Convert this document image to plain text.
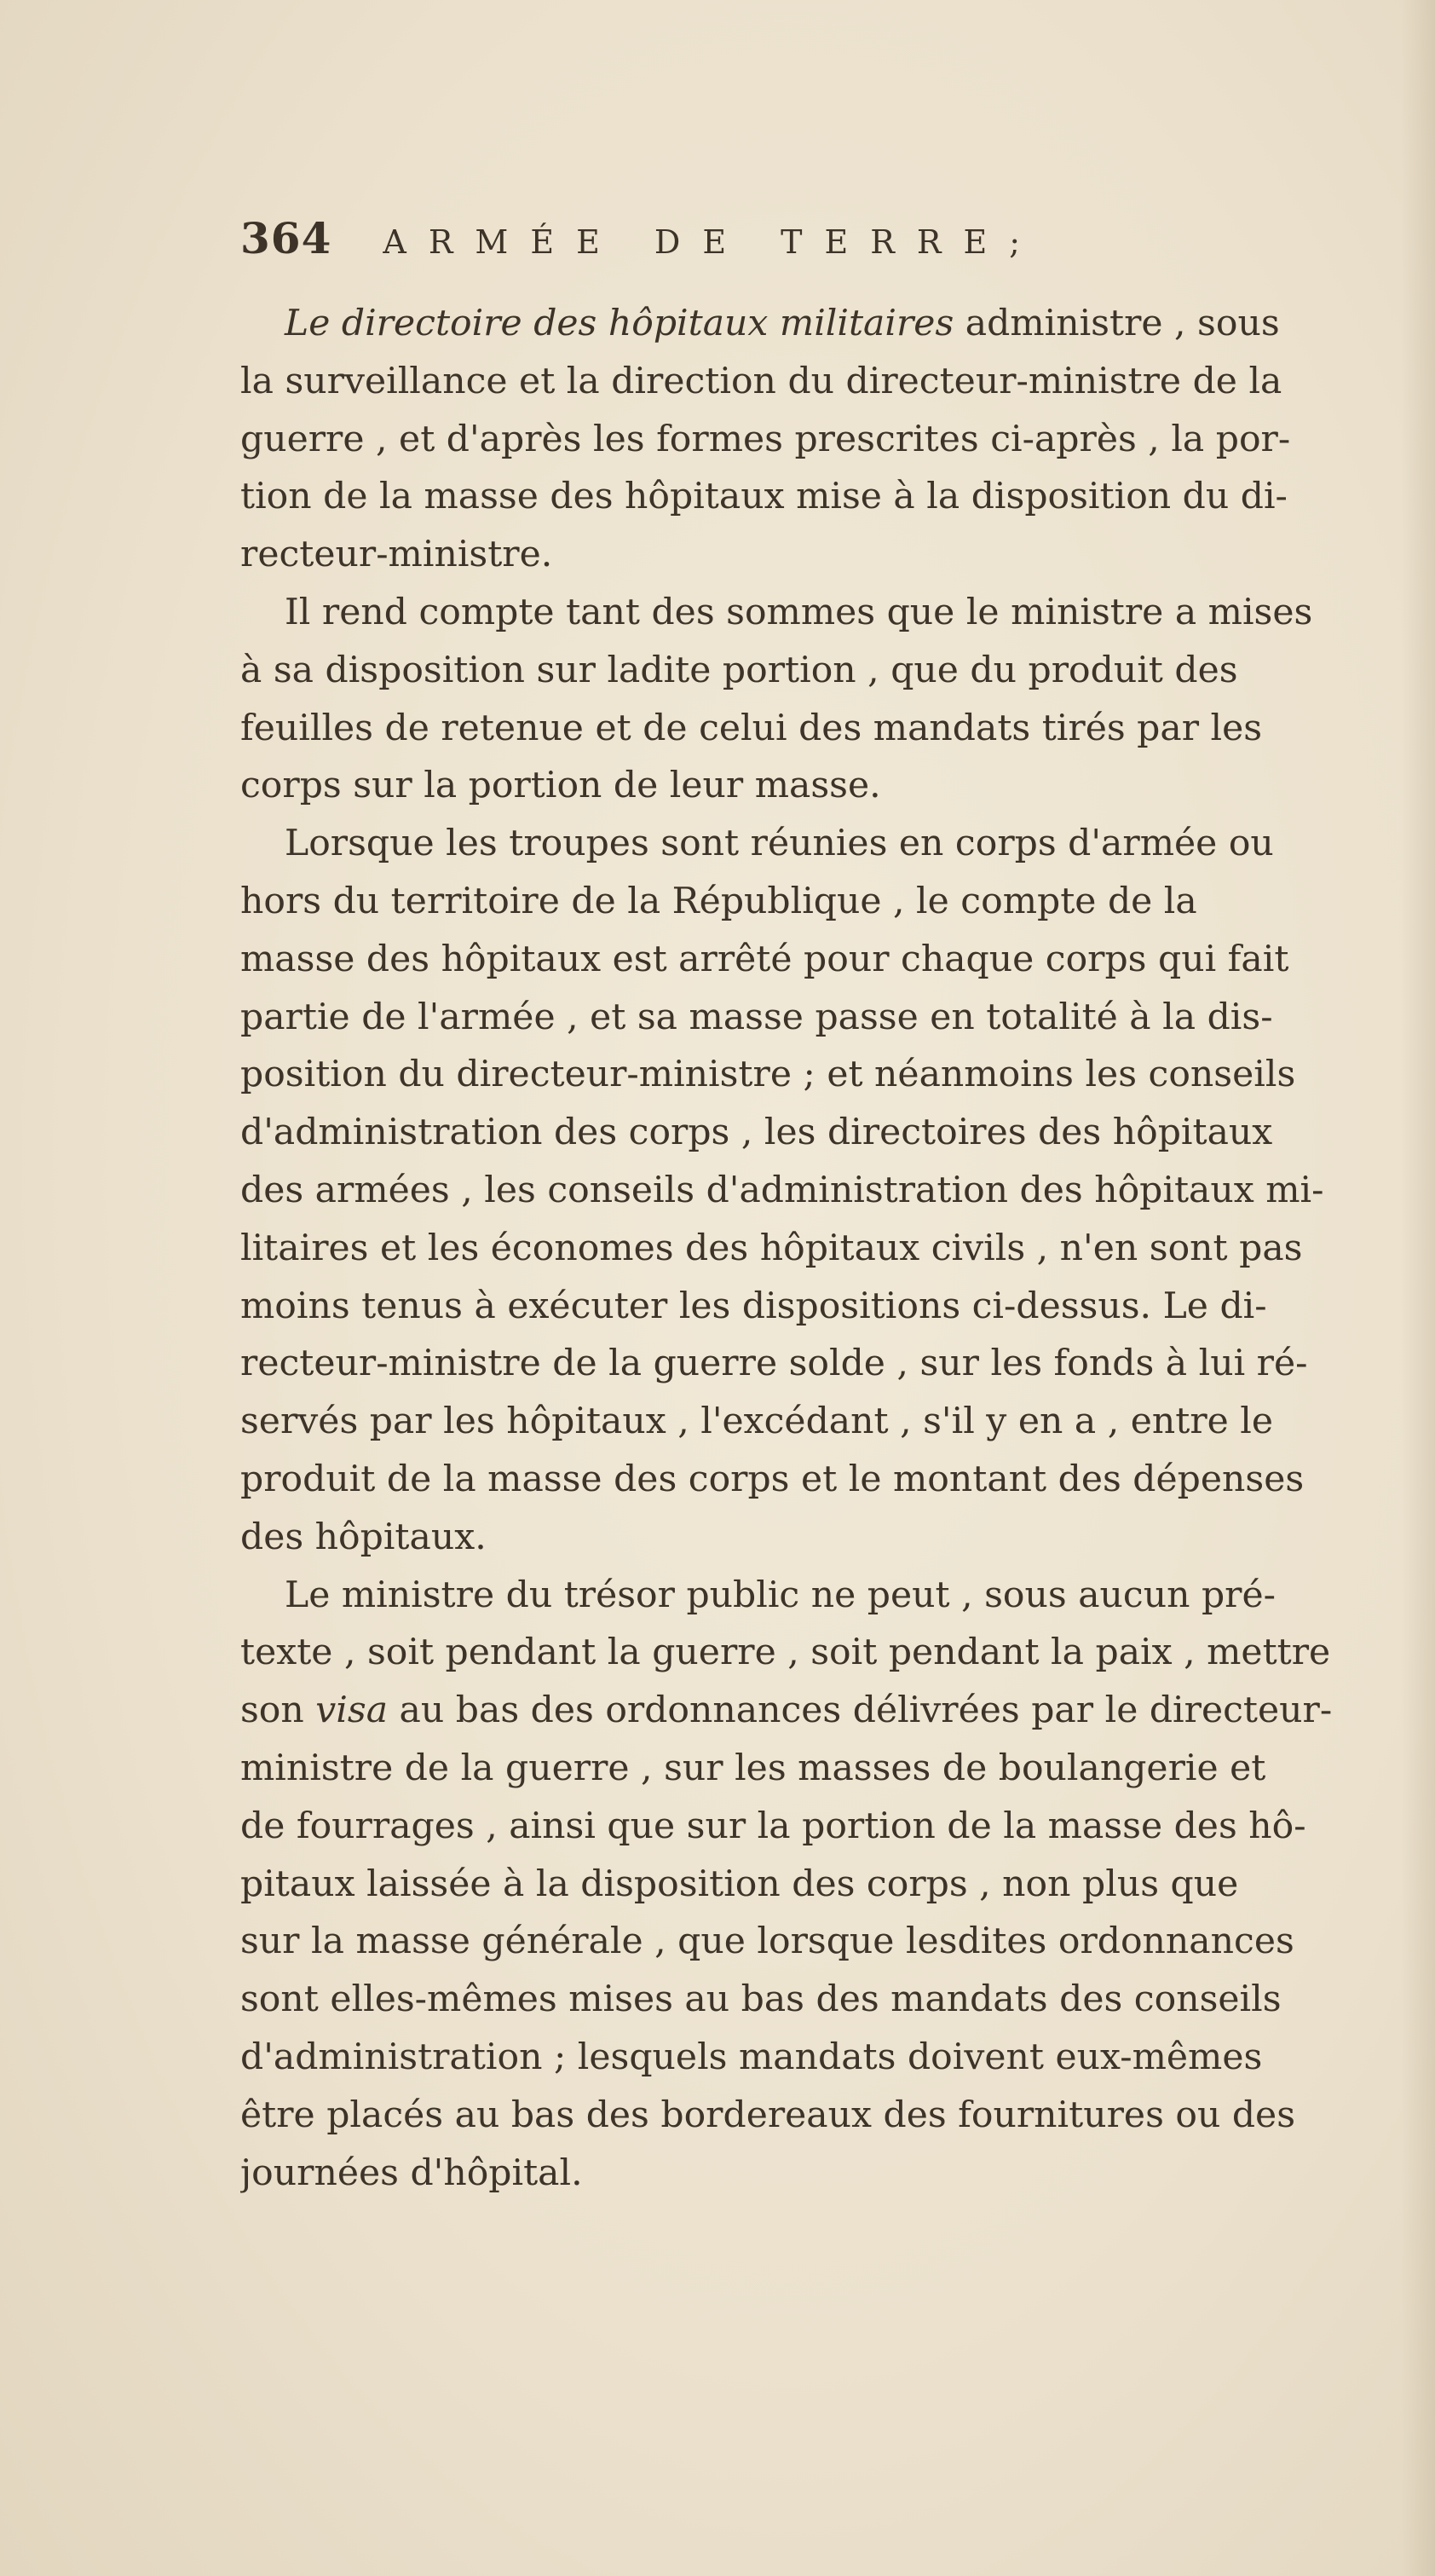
364 ARMÉE DE TERRE;

Le directoire des hôpitaux militaires administre , sous
la surveillance et la direction du directeur-ministre de la
guerre , et d'après les formes prescrites ci-après , la por-
tion de la masse des hôpitaux mise à la disposition du di-
recteur-ministre.

Il rend compte tant des sommes que le ministre a mises
à sa disposition sur ladite portion , que du produit des
feuilles de retenue et de celui des mandats tirés par les
corps sur la portion de leur masse.

Lorsque les troupes sont réunies en corps d'armée ou
hors du territoire de la République , le compte de la
masse des hôpitaux est arrêté pour chaque corps qui fait
partie de l'armée , et sa masse passe en totalité à la dis-
position du directeur-ministre ; et néanmoins les conseils
d'administration des corps , les directoires des hôpitaux
des armées , les conseils d'administration des hôpitaux mi-
litaires et les économes des hôpitaux civils , n'en sont pas
moins tenus à exécuter les dispositions ci-dessus. Le di-
recteur-ministre de la guerre solde , sur les fonds à lui ré-
servés par les hôpitaux , l'excédant , s'il y en a , entre le
produit de la masse des corps et le montant des dépenses
des hôpitaux.

Le ministre du trésor public ne peut , sous aucun pré-
texte , soit pendant la guerre , soit pendant la paix , mettre
son visa au bas des ordonnances délivrées par le directeur-
ministre de la guerre , sur les masses de boulangerie et
de fourrages , ainsi que sur la portion de la masse des hô-
pitaux laissée à la disposition des corps , non plus que
sur la masse générale , que lorsque lesdites ordonnances
sont elles-mêmes mises au bas des mandats des conseils
d'administration ; lesquels mandats doivent eux-mêmes
être placés au bas des bordereaux des fournitures ou des
journées d'hôpital.
